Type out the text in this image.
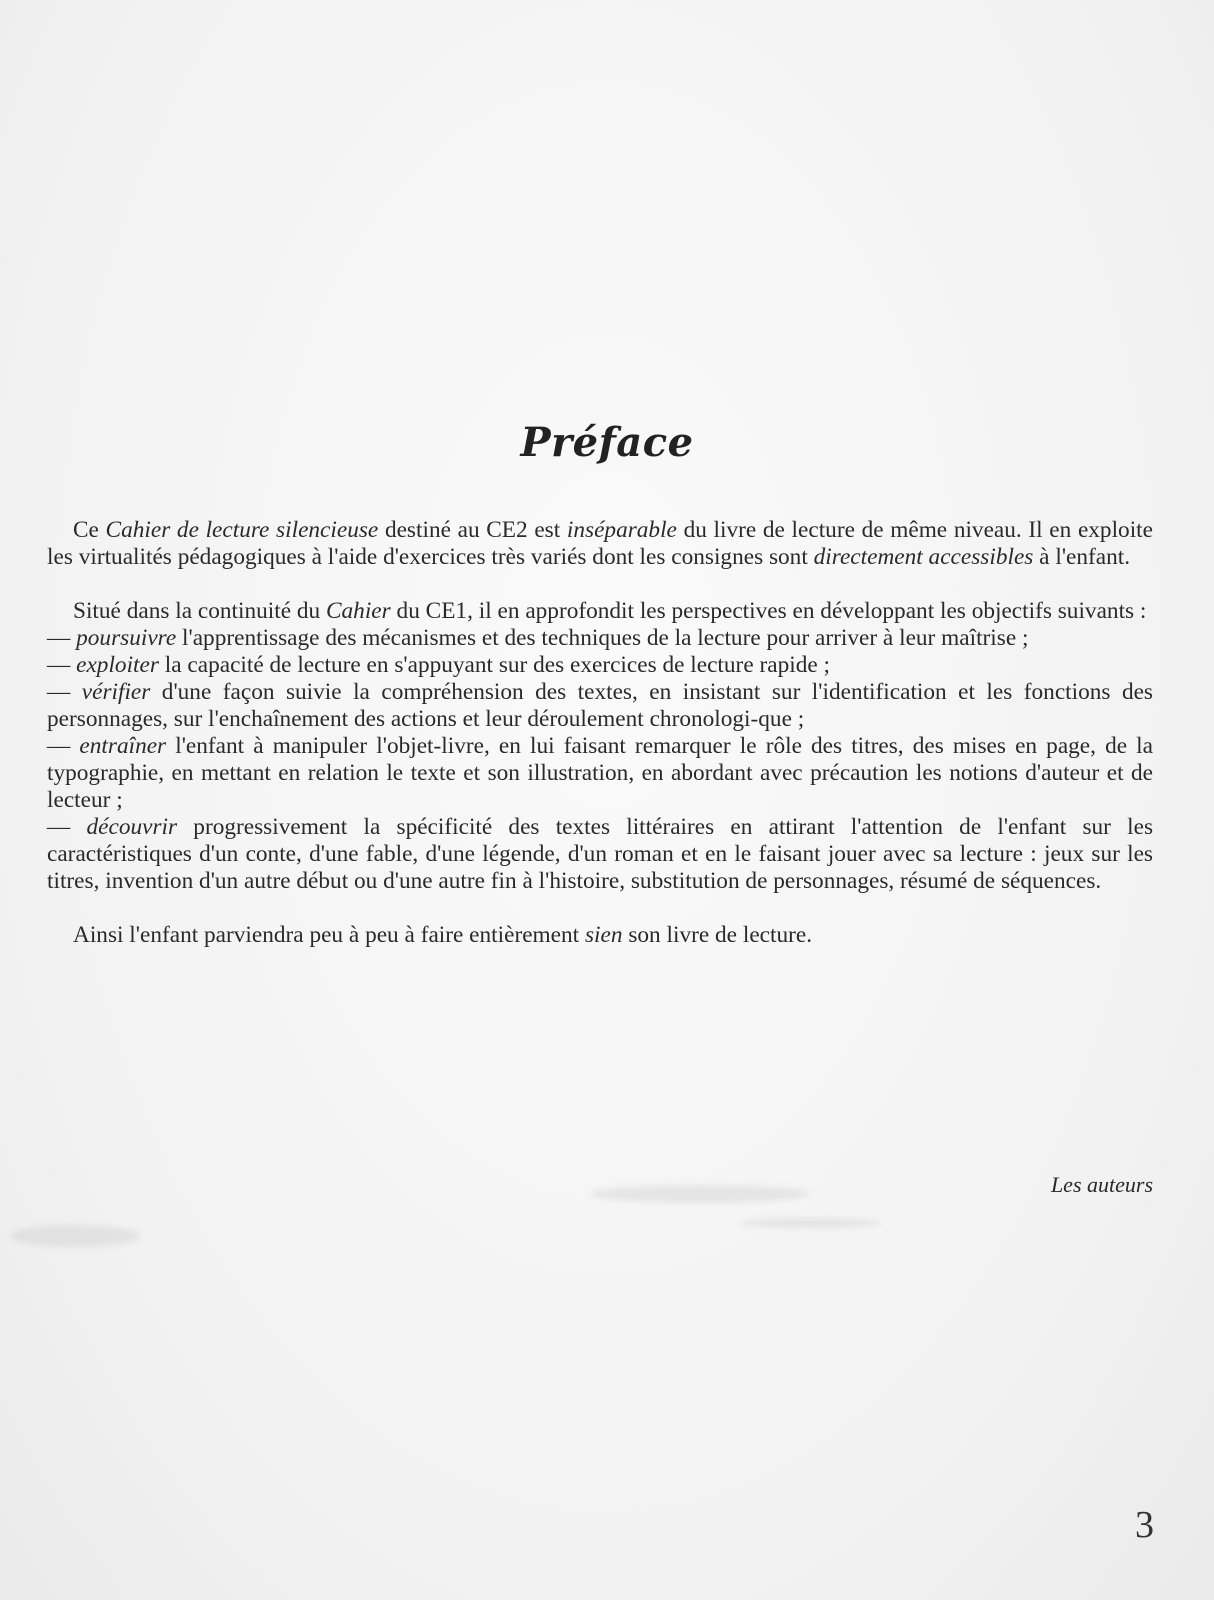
Préface

Ce Cahier de lecture silencieuse destiné au CE2 est inséparable du livre de lecture de même niveau. Il en exploite les virtualités pédagogiques à l'aide d'exercices très variés dont les consignes sont directement accessibles à l'enfant.

Situé dans la continuité du Cahier du CE1, il en approfondit les perspectives en développant les objectifs suivants :

— poursuivre l'apprentissage des mécanismes et des techniques de la lecture pour arriver à leur maîtrise ;

— exploiter la capacité de lecture en s'appuyant sur des exercices de lecture rapide ;

— vérifier d'une façon suivie la compréhension des textes, en insistant sur l'identification et les fonctions des personnages, sur l'enchaînement des actions et leur déroulement chronologi-que ;

— entraîner l'enfant à manipuler l'objet-livre, en lui faisant remarquer le rôle des titres, des mises en page, de la typographie, en mettant en relation le texte et son illustration, en abordant avec précaution les notions d'auteur et de lecteur ;

— découvrir progressivement la spécificité des textes littéraires en attirant l'attention de l'enfant sur les caractéristiques d'un conte, d'une fable, d'une légende, d'un roman et en le faisant jouer avec sa lecture : jeux sur les titres, invention d'un autre début ou d'une autre fin à l'histoire, substitution de personnages, résumé de séquences.

Ainsi l'enfant parviendra peu à peu à faire entièrement sien son livre de lecture.

Les auteurs
3
